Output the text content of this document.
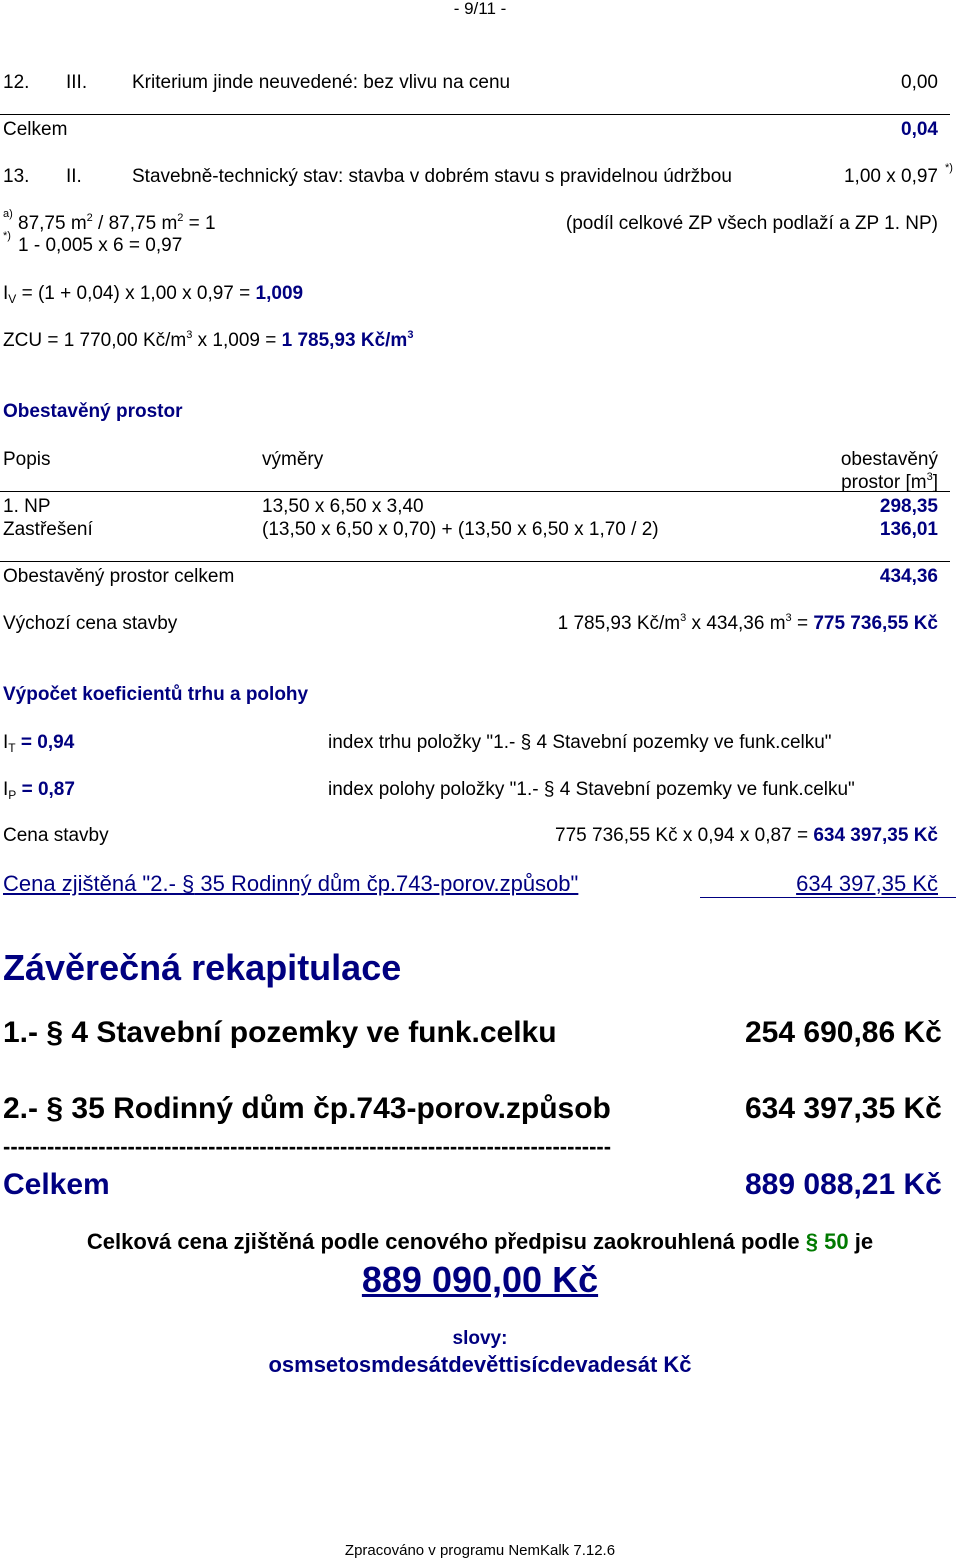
- 9/11 -
12. III. Kriterium jinde neuvedené: bez vlivu na cenu	0,00
Celkem	0,04
13. II.	Stavebně-technický stav: stavba v dobrém stavu s pravidelnou údržbou	1,00 x 0,97 *)
a) 87,75 $m^2 / 87,75$ $m^2 = 1$	(podíl celkové ZP všech podlaží a ZP 1. NP)
*) 1 - 0,005 x 6 = 0,97
$I_V = (1 + 0,04)$ x 1,00 x 0,97 = 1,009
ZCU = 1 770,00 $Kč/m^3$ x 1,009 = 1 785,93 $Kč/m^3$
Obestavěný prostor
Popis	výměry	obestavěný
prostor $[m^3]$
1. NP	13,50 x 6,50 x 3,40	298,35
Zastřešení	(13,50 x 6,50 x 0,70) + (13,50 x 6,50 x 1,70 / 2)	136,01
Obestavěný prostor celkem	434,36
Výchozí cena stavby	1 785,93 $Kč/m^3$ x 434,36 $m^3 = 775$ 736,55 Kč
Výpočet koeficientů trhu a polohy
$I_T = 0,94$	index trhu položky "1.- § 4 Stavební pozemky ve funk.celku"
$I_P = 0,87$	index polohy položky "1.- § 4 Stavební pozemky ve funk.celku"
Cena stavby	775 736,55 Kč x 0,94 x 0,87 = 634 397,35 Kč
Cena zjištěná "2.- § 35 Rodinný dům čp.743-porov.způsob"	634 397,35 Kč
Závěrečná rekapitulace
1.- § 4 Stavební pozemky ve funk.celku	254 690,86 Kč
2.- § 35 Rodinný dům čp.743-porov.způsob	634 397,35 Kč
-----------------------------------------------------------------------------------
Celkem	889 088,21 Kč
Celková cena zjištěná podle cenového předpisu zaokrouhlená podle § 50 je
889 090,00 Kč
slovy:
osmsetosmdesátdevěttisícdevadesát Kč
Zpracováno v programu NemKalk 7.12.6
